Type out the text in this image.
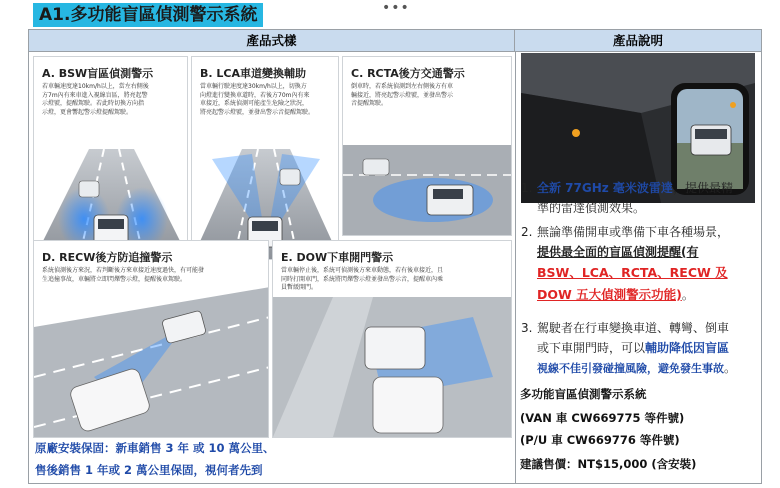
A1.多功能盲區偵測警示系統	•••
產品式樣	產品說明
A. BSW盲區偵測警示
若車輛速度達10km/h以上，當左右側後
方7m內有來車進入視線盲區，將亮起警
示燈號，提醒駕駛。若此時切換方向指
示燈，更會響起警示燈提醒駕駛。
B. LCA車道變換輔助
當車輛行駛速度達30km/h以上，切換方
向燈進行變換車道時，若後方70m內有來
車接近，系統偵測可能產生危險之狀況，
將亮起警示燈號，並發出警示音提醒駕駛。
C. RCTA後方交通警示
倒車時，若系統偵測到左右側後方有車
輛接近，將亮起警示燈號，並發出警示
音提醒駕駛。
D. RECW後方防追撞警示
系統偵測後方來況，若判斷後方來車接近速度過快，有可能發
生追撞事故，車輛將立即閃爍警示燈，提醒後車駕駛。
E. DOW下車開門警示
當車輛停止後，系統可偵測後方來車動態，若有後車接近，且
同時打開車門，系統將閃爍警示燈並發出警示音，提醒車內乘
員暫緩開門。
原廠安裝保固：新車銷售 3 年 或 10 萬公里、
售後銷售 1 年或 2 萬公里保固，視何者先到
1. 全新 77GHz 毫米波雷達，提供最精
準的雷達偵測效果。
2. 無論準備開車或準備下車各種場景，
提供最全面的盲區偵測提醒(有
BSW、LCA、RCTA、RECW 及
DOW 五大偵測警示功能)。
3. 駕駛者在行車變換車道、轉彎、倒車
或下車開門時，可以輔助降低因盲區
視線不佳引發碰撞風險，避免發生事故。
多功能盲區偵測警示系統
(VAN 車 CW669775 等件號)
(P/U 車 CW669776 等件號)
建議售價：NT$15,000 (含安裝)
